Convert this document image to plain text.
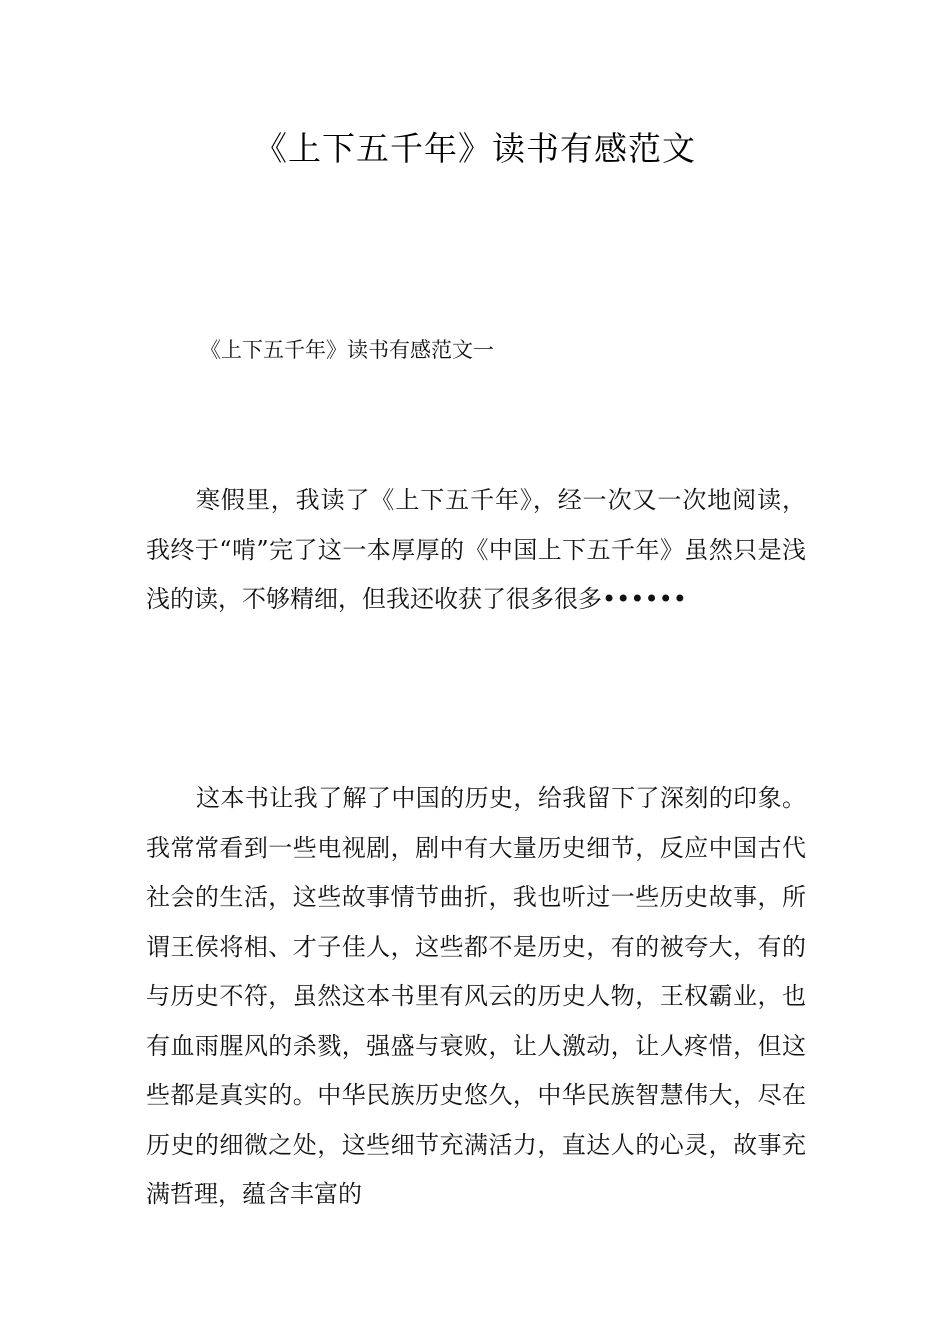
《上下五千年》读书有感范文
《上下五千年》读书有感范文一

寒假里，我读了《上下五千年》，经一次又一次地阅读，我终于“啃”完了这一本厚厚的《中国上下五千年》虽然只是浅浅的读，不够精细，但我还收获了很多很多••••••

这本书让我了解了中国的历史，给我留下了深刻的印象。我常常看到一些电视剧，剧中有大量历史细节，反应中国古代社会的生活，这些故事情节曲折，我也听过一些历史故事，所谓王侯将相、才子佳人，这些都不是历史，有的被夸大，有的与历史不符，虽然这本书里有风云的历史人物，王权霸业，也有血雨腥风的杀戮，强盛与衰败，让人激动，让人疼惜，但这些都是真实的。中华民族历史悠久，中华民族智慧伟大，尽在历史的细微之处，这些细节充满活力，直达人的心灵，故事充满哲理，蕴含丰富的
